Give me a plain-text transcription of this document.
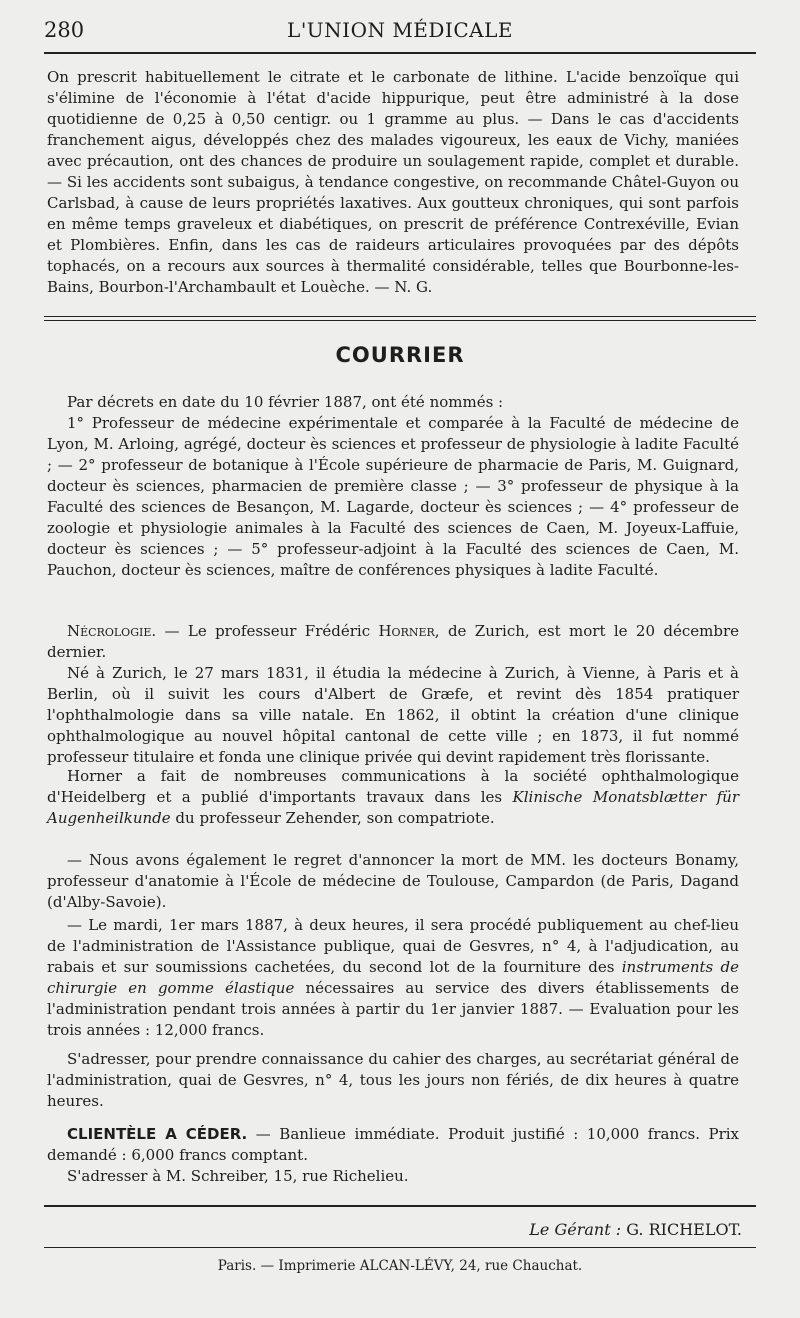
280	L'UNION MÉDICALE

On prescrit habituellement le citrate et le carbonate de lithine. L'acide benzoïque qui s'élimine de l'économie à l'état d'acide hippurique, peut être administré à la dose quotidienne de 0,25 à 0,50 centigr. ou 1 gramme au plus. — Dans le cas d'accidents franchement aigus, développés chez des malades vigoureux, les eaux de Vichy, maniées avec précaution, ont des chances de produire un soulagement rapide, complet et durable. — Si les accidents sont subaigus, à tendance congestive, on recommande Châtel-Guyon ou Carlsbad, à cause de leurs propriétés laxatives. Aux goutteux chroniques, qui sont parfois en même temps graveleux et diabétiques, on prescrit de préférence Contrexéville, Evian et Plombières. Enfin, dans les cas de raideurs articulaires provoquées par des dépôts tophacés, on a recours aux sources à thermalité considérable, telles que Bourbonne-les-Bains, Bourbon-l'Archambault et Louèche. — N. G.

COURRIER
Par décrets en date du 10 février 1887, ont été nommés :
1° Professeur de médecine expérimentale et comparée à la Faculté de médecine de Lyon, M. Arloing, agrégé, docteur ès sciences et professeur de physiologie à ladite Faculté ; — 2° professeur de botanique à l'École supérieure de pharmacie de Paris, M. Guignard, docteur ès sciences, pharmacien de première classe ; — 3° professeur de physique à la Faculté des sciences de Besançon, M. Lagarde, docteur ès sciences ; — 4° professeur de zoologie et physiologie animales à la Faculté des sciences de Caen, M. Joyeux-Laffuie, docteur ès sciences ; — 5° professeur-adjoint à la Faculté des sciences de Caen, M. Pauchon, docteur ès sciences, maître de conférences physiques à ladite Faculté.

Nécrologie. — Le professeur Frédéric Horner, de Zurich, est mort le 20 décembre dernier.

Né à Zurich, le 27 mars 1831, il étudia la médecine à Zurich, à Vienne, à Paris et à Berlin, où il suivit les cours d'Albert de Græfe, et revint dès 1854 pratiquer l'ophthalmologie dans sa ville natale. En 1862, il obtint la création d'une clinique ophthalmologique au nouvel hôpital cantonal de cette ville ; en 1873, il fut nommé professeur titulaire et fonda une clinique privée qui devint rapidement très florissante.

Horner a fait de nombreuses communications à la société ophthalmologique d'Heidelberg et a publié d'importants travaux dans les Klinische Monatsblætter für Augenheilkunde du professeur Zehender, son compatriote.

— Nous avons également le regret d'annoncer la mort de MM. les docteurs Bonamy, professeur d'anatomie à l'École de médecine de Toulouse, Campardon (de Paris, Dagand (d'Alby-Savoie).

— Le mardi, 1er mars 1887, à deux heures, il sera procédé publiquement au chef-lieu de l'administration de l'Assistance publique, quai de Gesvres, n° 4, à l'adjudication, au rabais et sur soumissions cachetées, du second lot de la fourniture des instruments de chirurgie en gomme élastique nécessaires au service des divers établissements de l'administration pendant trois années à partir du 1er janvier 1887. — Evaluation pour les trois années : 12,000 francs.

S'adresser, pour prendre connaissance du cahier des charges, au secrétariat général de l'administration, quai de Gesvres, n° 4, tous les jours non fériés, de dix heures à quatre heures.

CLIENTÈLE A CÉDER. — Banlieue immédiate. Produit justifié : 10,000 francs. Prix demandé : 6,000 francs comptant.
S'adresser à M. Schreiber, 15, rue Richelieu.

Le Gérant : G. RICHELOT.

Paris. — Imprimerie ALCAN-LÉVY, 24, rue Chauchat.
